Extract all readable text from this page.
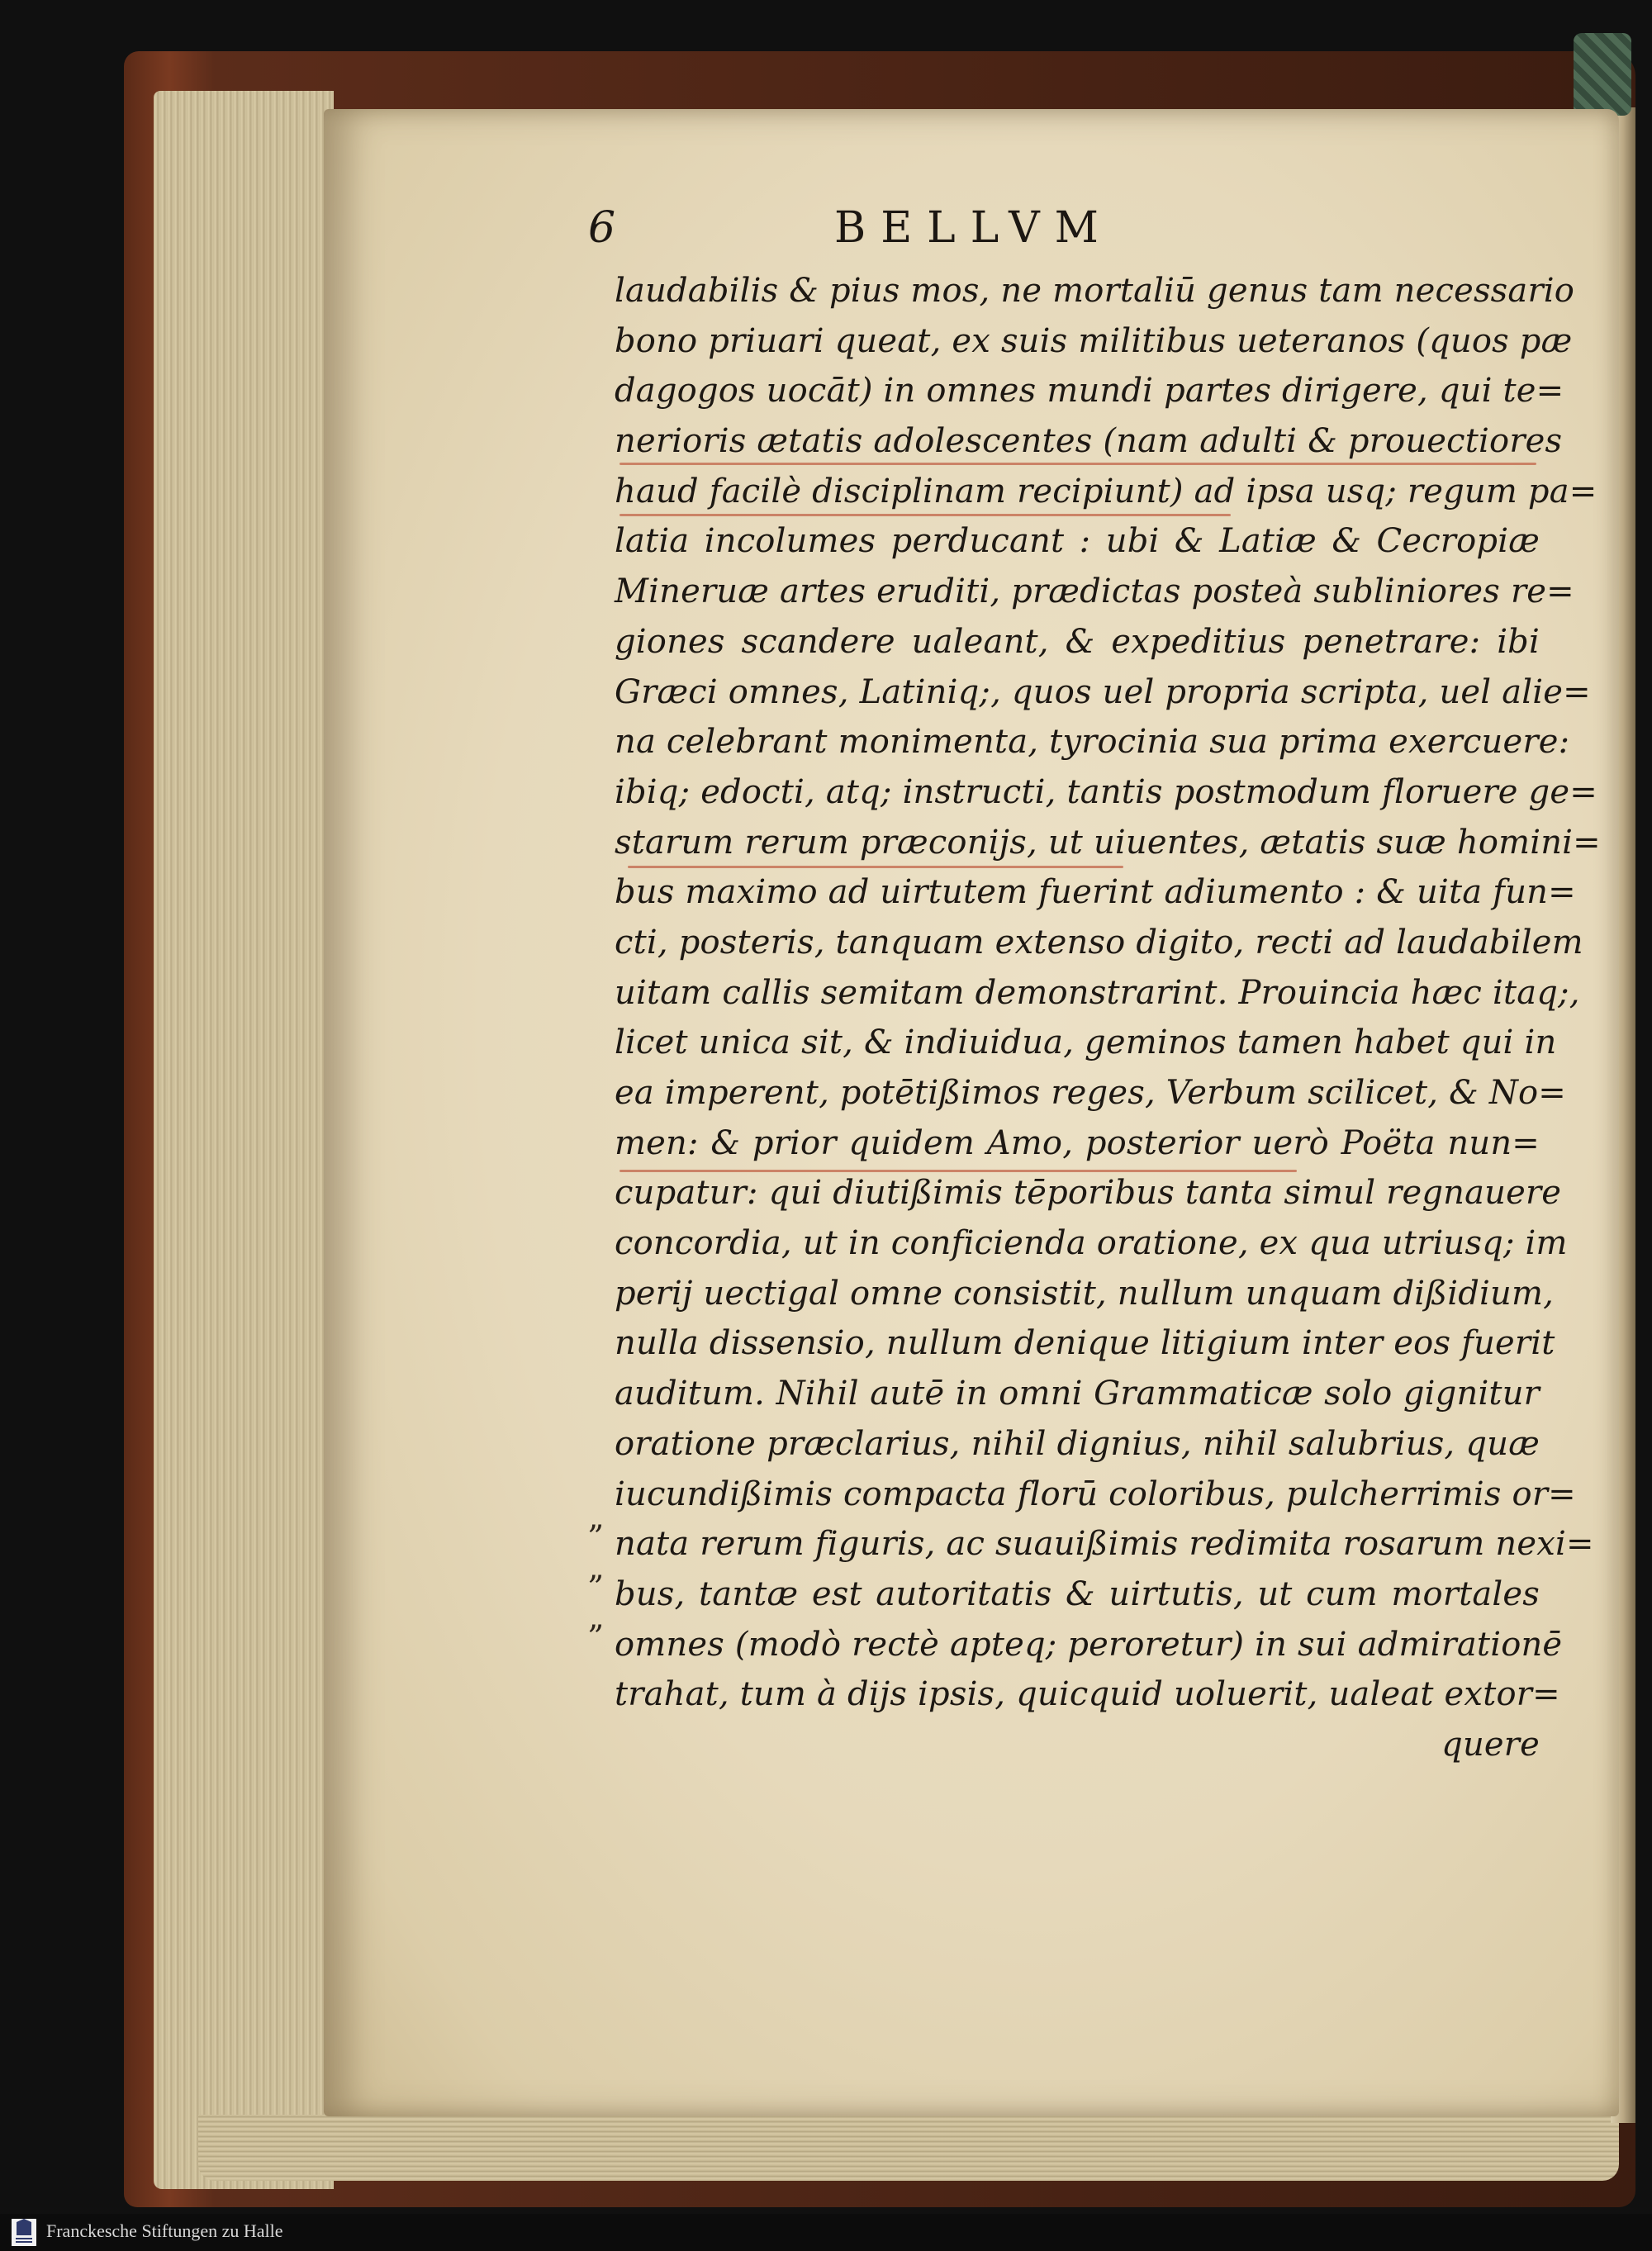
6	BELLVM

laudabilis & pius mos, ne mortaliū genus tam necessario
bono priuari queat, ex suis militibus ueteranos (quos pæ
dagogos uocāt) in omnes mundi partes dirigere, qui te=
nerioris ætatis adolescentes (nam adulti & prouectiores
haud facilè disciplinam recipiunt) ad ipsa usq; regum pa=
latia incolumes perducant : ubi & Latiæ & Cecropiæ
Mineruæ artes eruditi, prædictas posteà subliniores re=
giones scandere ualeant, & expeditius penetrare: ibi
Græci omnes, Latiniq;, quos uel propria scripta, uel alie=
na celebrant monimenta, tyrocinia sua prima exercuere:
ibiq; edocti, atq; instructi, tantis postmodum floruere ge=
starum rerum præconijs, ut uiuentes, ætatis suæ homini=
bus maximo ad uirtutem fuerint adiumento : & uita fun=
cti, posteris, tanquam extenso digito, recti ad laudabilem
uitam callis semitam demonstrarint. Prouincia hæc itaq;,
licet unica sit, & indiuidua, geminos tamen habet qui in
ea imperent, potētißimos reges, Verbum scilicet, & No=
men: & prior quidem Amo, posterior uerò Poëta nun=
cupatur: qui diutißimis tēporibus tanta simul regnauere
concordia, ut in conficienda oratione, ex qua utriusq; im
perij uectigal omne consistit, nullum unquam dißidium,
nulla dissensio, nullum denique litigium inter eos fuerit
auditum. Nihil autē in omni Grammaticæ solo gignitur
oratione præclarius, nihil dignius, nihil salubrius, quæ
iucundißimis compacta florū coloribus, pulcherrimis or=
nata rerum figuris, ac suauißimis redimita rosarum nexi=
bus, tantæ est autoritatis & uirtutis, ut cum mortales
omnes (modò rectè apteq; peroretur) in sui admirationē
trahat, tum à dijs ipsis, quicquid uoluerit, ualeat extor=
quere
„
„
„
Franckesche Stiftungen zu Halle
